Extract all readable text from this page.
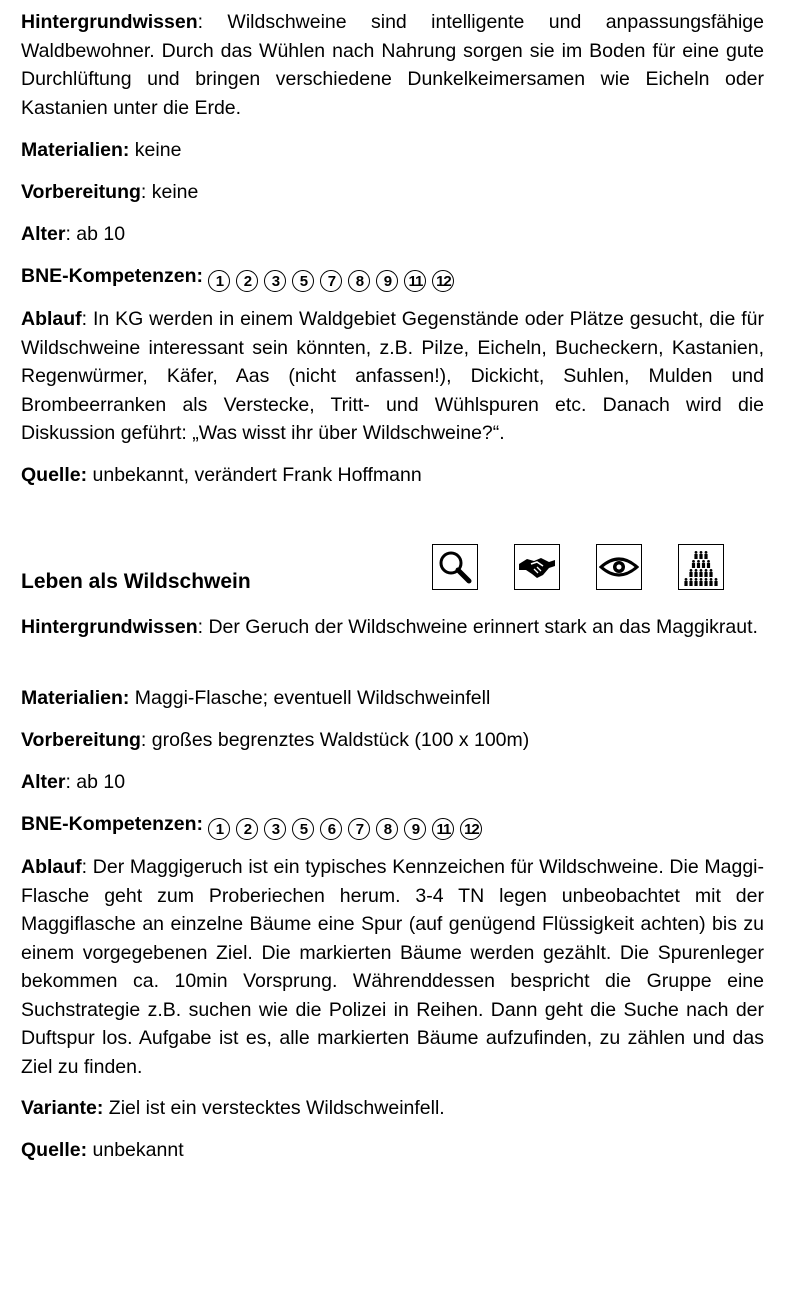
Hintergrundwissen: Wildschweine sind intelligente und anpassungsfähige Waldbewohner. Durch das Wühlen nach Nahrung sorgen sie im Boden für eine gute Durchlüftung und bringen verschiedene Dunkelkeimersamen wie Eicheln oder Kastanien unter die Erde.

Materialien: keine

Vorbereitung: keine

Alter: ab 10

BNE-Kompetenzen: 1 2 3 5 7 8 9 11 12

Ablauf: In KG werden in einem Waldgebiet Gegenstände oder Plätze gesucht, die für Wildschweine interessant sein könnten, z.B. Pilze, Eicheln, Bucheckern, Kastanien, Regenwürmer, Käfer, Aas (nicht anfassen!), Dickicht, Suhlen, Mulden und Brombeerranken als Verstecke, Tritt- und Wühlspuren etc. Danach wird die Diskussion geführt: „Was wisst ihr über Wildschweine?“.

Quelle: unbekannt, verändert Frank Hoffmann

Leben als Wildschwein

Hintergrundwissen: Der Geruch der Wildschweine erinnert stark an das Maggikraut.

Materialien: Maggi-Flasche; eventuell Wildschweinfell

Vorbereitung: großes begrenztes Waldstück (100 x 100m)

Alter: ab 10

BNE-Kompetenzen: 1 2 3 5 6 7 8 9 11 12

Ablauf: Der Maggigeruch ist ein typisches Kennzeichen für Wildschweine. Die Maggi-Flasche geht zum Proberiechen herum. 3-4 TN legen unbeobachtet mit der Maggiflasche an einzelne Bäume eine Spur (auf genügend Flüssigkeit achten) bis zu einem vorgegebenen Ziel. Die markierten Bäume werden gezählt. Die Spurenleger bekommen ca. 10min Vorsprung. Währenddessen bespricht die Gruppe eine Suchstrategie z.B. suchen wie die Polizei in Reihen. Dann geht die Suche nach der Duftspur los. Aufgabe ist es, alle markierten Bäume aufzufinden, zu zählen und das Ziel zu finden.

Variante: Ziel ist ein verstecktes Wildschweinfell.

Quelle: unbekannt
